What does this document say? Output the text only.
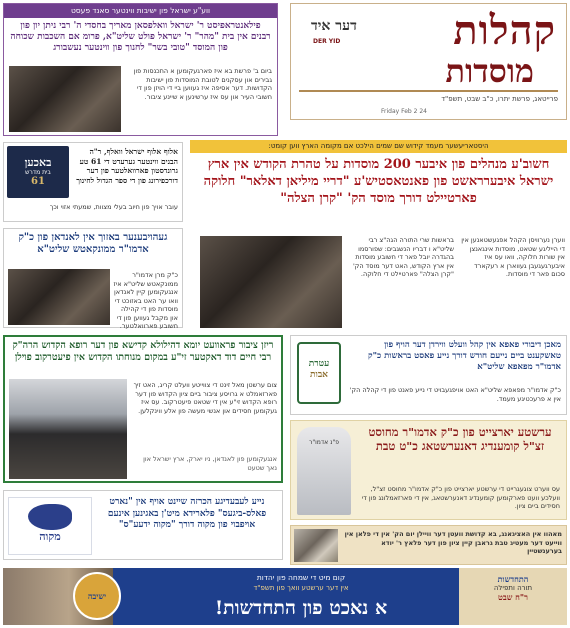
ווע"ע ישראל פון ישיבות ווינטער סאנד פעסט
פילאנטראפיסט ר' ישראל וואלפסאן מאריך בחסדי ה' רבי ניתן יון פון רבנים אין בית "מהר" ר' ישראל פולט שליט"א, פרומ אם השכבות שכוחה פון המוסד "טובי בשר" לחנוך פון ווינטער נעשבורג
ביום ב' פרשת בא איז פארגעקומען א התכנסות פון גבירים און עסקנים לטובת המוסדות פון ישיבות הקדושות. דער אסיפה איז געווען ביי די הויזן פון די חשובי העיר און עס איז ערשינען א שיינע ציבור.
קהלות
דער איד
DER YID
מוסדות
פרייטאג, פרשת יתרו, כ"ב שבט, תשפ"ד
Friday Feb 2 24
באכען
בית מדרש
61
אלוף אלוף ישראל וואלף, ר"ה הבנים ווינטער גערעדט די 61 טע גרונדסטון פארוואלטער פון דער דורכפירונג פון די ספר הגדול לחינוך
עובר אויך פון חיוב בעלי מצוות, שמעתי אזוי וכך
היסטאריעשער מעמד קידוש שם שמים הילכט אם מקומה הארץ ווען קומט:
חשוב'ע מנהלים פון איבער 200 מוסדות על טהרת הקודש אין ארץ ישראל איבערראשט פון פאנטאסטיש'ע "דריי מיליאן דאלאר" חלוקה פארטיילט דורך מוסד הק' "קרן הצלה"
געהויבענער באזוך אין לאנדאן פון כ"ק אדמו"ר ממונקאטש שליט"א
כ"ק מרן אדמו"ר ממונקאטש שליט"א איז אנגעקומען קיין לאנדאן וואו ער האט באזוכט די מוסדות פון די קהילה און מקבל געווען פון די חשובע פארוואלטער.
בראשות שרי התורה הגה"צ רבי שליט"א ו דבריו הנשגבים: שפורסמו בהגדרה יובל פאר די חשובע מוסדות אין ארץ הקודש, האט דער מוסד הק' "קרן הצלה" פארטיילט די חלוקה.
ווערן נערוויסן הקהל אפגעשטאנען אין די הייליגע שטאט, מוסדות אינגאנצן אין שורות חלוקה, וואו עס איז איבערגעגעבן געווארן א רעקארד סכום פאר די מוסדות.
ריזן ציבור פראוועט יומא דהילולא קדישא פון דער רופא הקדוש הרה"ק רבי חיים דוד דאקטער זי"ע במקום מנוחתו הקדוש אין פיעטרקוב פוילן
צום ערשטן מאל זינט די צווייטע וועלט קריג, האט זיך פארזאמלט א גרויסע ציבור ביים ציון הקדוש פון דער רופא הקדוש זי"ע אין די שטאט פיעטרקוב. עס איז געקומען חסידים און אנשי מעשה פון אלע ווינקלען.
אנגעקומען פון לאנדאן, ניו יארק, ארץ ישראל און נאך שטעט
עטרת
אבות
מאכן דיבורי פאפא אין קהל וועלט ווירדן דער הויף פון טאשקענט ביים נייעם חודש דורך נייע פאסט בראשות כ"ק אדמו"ר מפאפא שליט"א
כ"ק אדמו"ר מפאפא שליט"א האט אויפגעבויט די נייע פאנט פון די קהלה הק' אין א פרעכטיגע מעמד.
פ"נ אדמו"ר
ערשטע יארצייט פון כ"ק אדמו"ר מחוסט זצ"ל קומענדיג דאנערשטאג כ"ט טבת
עס ווערט צוגעגרייט די ערשטע יארצייט פון כ"ק אדמו"ר מחוסט זצ"ל, וועלכע וועט פארקומען קומענדיג דאנערשטאג, אין די פארזאמלונג פון די חסידים ביים ציון.
מקוה
נייע לעבעדיגע הכרזה שיינט אויף אין "נארט פאלס-ביגעס" פלארידא מיט'ן באגינען אינעם אויפבוי פון מקוה דורך "מקוה ידעע"ס"
מאהוו אין האציגאנג, בא קדושת וועטן דער וויילן יום הק' אין די פלאן אין ווייעט דער מעטיג טבת גראבן קיין ציון פון דער פלאץ ר' יודא בערענשטיין
התחדשות
תורה ותפילה
ר"ח שבט
ישיבה
קום מיט די שמחה פון יהדות
אין דער ערשטע וואך פון תשפ"ד
א נאכט פון התחדשות!
